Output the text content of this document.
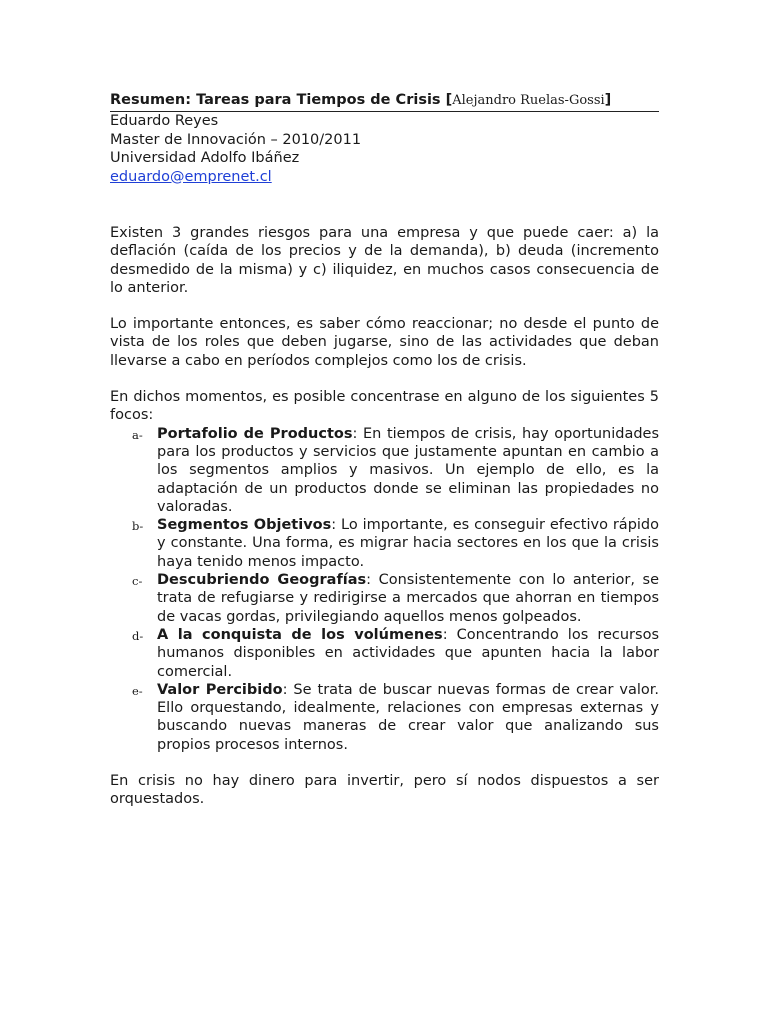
Resumen: Tareas para Tiempos de Crisis [Alejandro Ruelas-Gossi]
Eduardo Reyes
Master de Innovación – 2010/2011
Universidad Adolfo Ibáñez
eduardo@emprenet.cl

Existen 3 grandes riesgos para una empresa y que puede caer: a) la deflación (caída de los precios y de la demanda), b) deuda (incremento desmedido de la misma) y c) iliquidez, en muchos casos consecuencia de lo anterior.

Lo importante entonces, es saber cómo reaccionar; no desde el punto de vista de los roles que deben jugarse, sino de las actividades que deban llevarse a cabo en períodos complejos como los de crisis.

En dichos momentos, es posible concentrase en alguno de los siguientes 5 focos:

a- Portafolio de Productos: En tiempos de crisis, hay oportunidades para los productos y servicios que justamente apuntan en cambio a los segmentos amplios y masivos. Un ejemplo de ello, es la adaptación de un productos donde se eliminan las propiedades no valoradas.
b- Segmentos Objetivos: Lo importante, es conseguir efectivo rápido y constante. Una forma, es migrar hacia sectores en los que la crisis haya tenido menos impacto.
c- Descubriendo Geografías: Consistentemente con lo anterior, se trata de refugiarse y redirigirse a mercados que ahorran en tiempos de vacas gordas, privilegiando aquellos menos golpeados.
d- A la conquista de los volúmenes: Concentrando los recursos humanos disponibles en actividades que apunten hacia la labor comercial.
e- Valor Percibido: Se trata de buscar nuevas formas de crear valor. Ello orquestando, idealmente, relaciones con empresas externas y buscando nuevas maneras de crear valor que analizando sus propios procesos internos.

En crisis no hay dinero para invertir, pero sí nodos dispuestos a ser orquestados.
